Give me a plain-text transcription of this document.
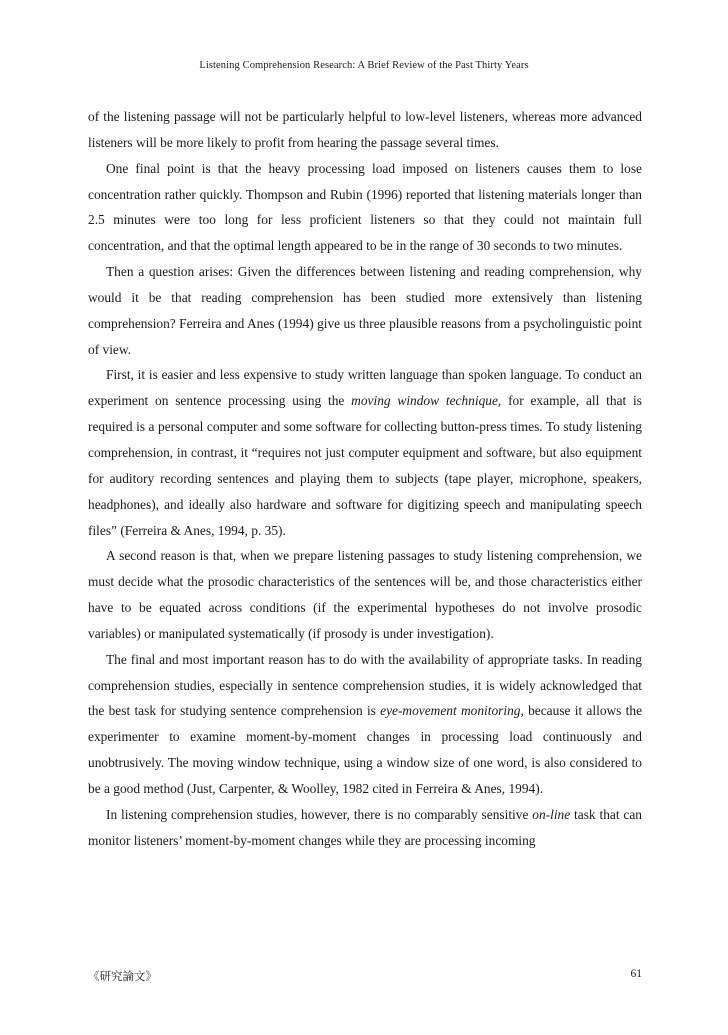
Listening Comprehension Research: A Brief Review of the Past Thirty Years

of the listening passage will not be particularly helpful to low-level listeners, whereas more advanced listeners will be more likely to profit from hearing the passage several times.

One final point is that the heavy processing load imposed on listeners causes them to lose concentration rather quickly. Thompson and Rubin (1996) reported that listening materials longer than 2.5 minutes were too long for less proficient listeners so that they could not maintain full concentration, and that the optimal length appeared to be in the range of 30 seconds to two minutes.

Then a question arises: Given the differences between listening and reading comprehension, why would it be that reading comprehension has been studied more extensively than listening comprehension? Ferreira and Anes (1994) give us three plausible reasons from a psycholinguistic point of view.

First, it is easier and less expensive to study written language than spoken language. To conduct an experiment on sentence processing using the moving window technique, for example, all that is required is a personal computer and some software for collecting button-press times. To study listening comprehension, in contrast, it “requires not just computer equipment and software, but also equipment for auditory recording sentences and playing them to subjects (tape player, microphone, speakers, headphones), and ideally also hardware and software for digitizing speech and manipulating speech files” (Ferreira & Anes, 1994, p. 35).

A second reason is that, when we prepare listening passages to study listening comprehension, we must decide what the prosodic characteristics of the sentences will be, and those characteristics either have to be equated across conditions (if the experimental hypotheses do not involve prosodic variables) or manipulated systematically (if prosody is under investigation).

The final and most important reason has to do with the availability of appropriate tasks. In reading comprehension studies, especially in sentence comprehension studies, it is widely acknowledged that the best task for studying sentence comprehension is eye-movement monitoring, because it allows the experimenter to examine moment-by-moment changes in processing load continuously and unobtrusively. The moving window technique, using a window size of one word, is also considered to be a good method (Just, Carpenter, & Woolley, 1982 cited in Ferreira & Anes, 1994).

In listening comprehension studies, however, there is no comparably sensitive on-line task that can monitor listeners’ moment-by-moment changes while they are processing incoming

《研究論文》	61
